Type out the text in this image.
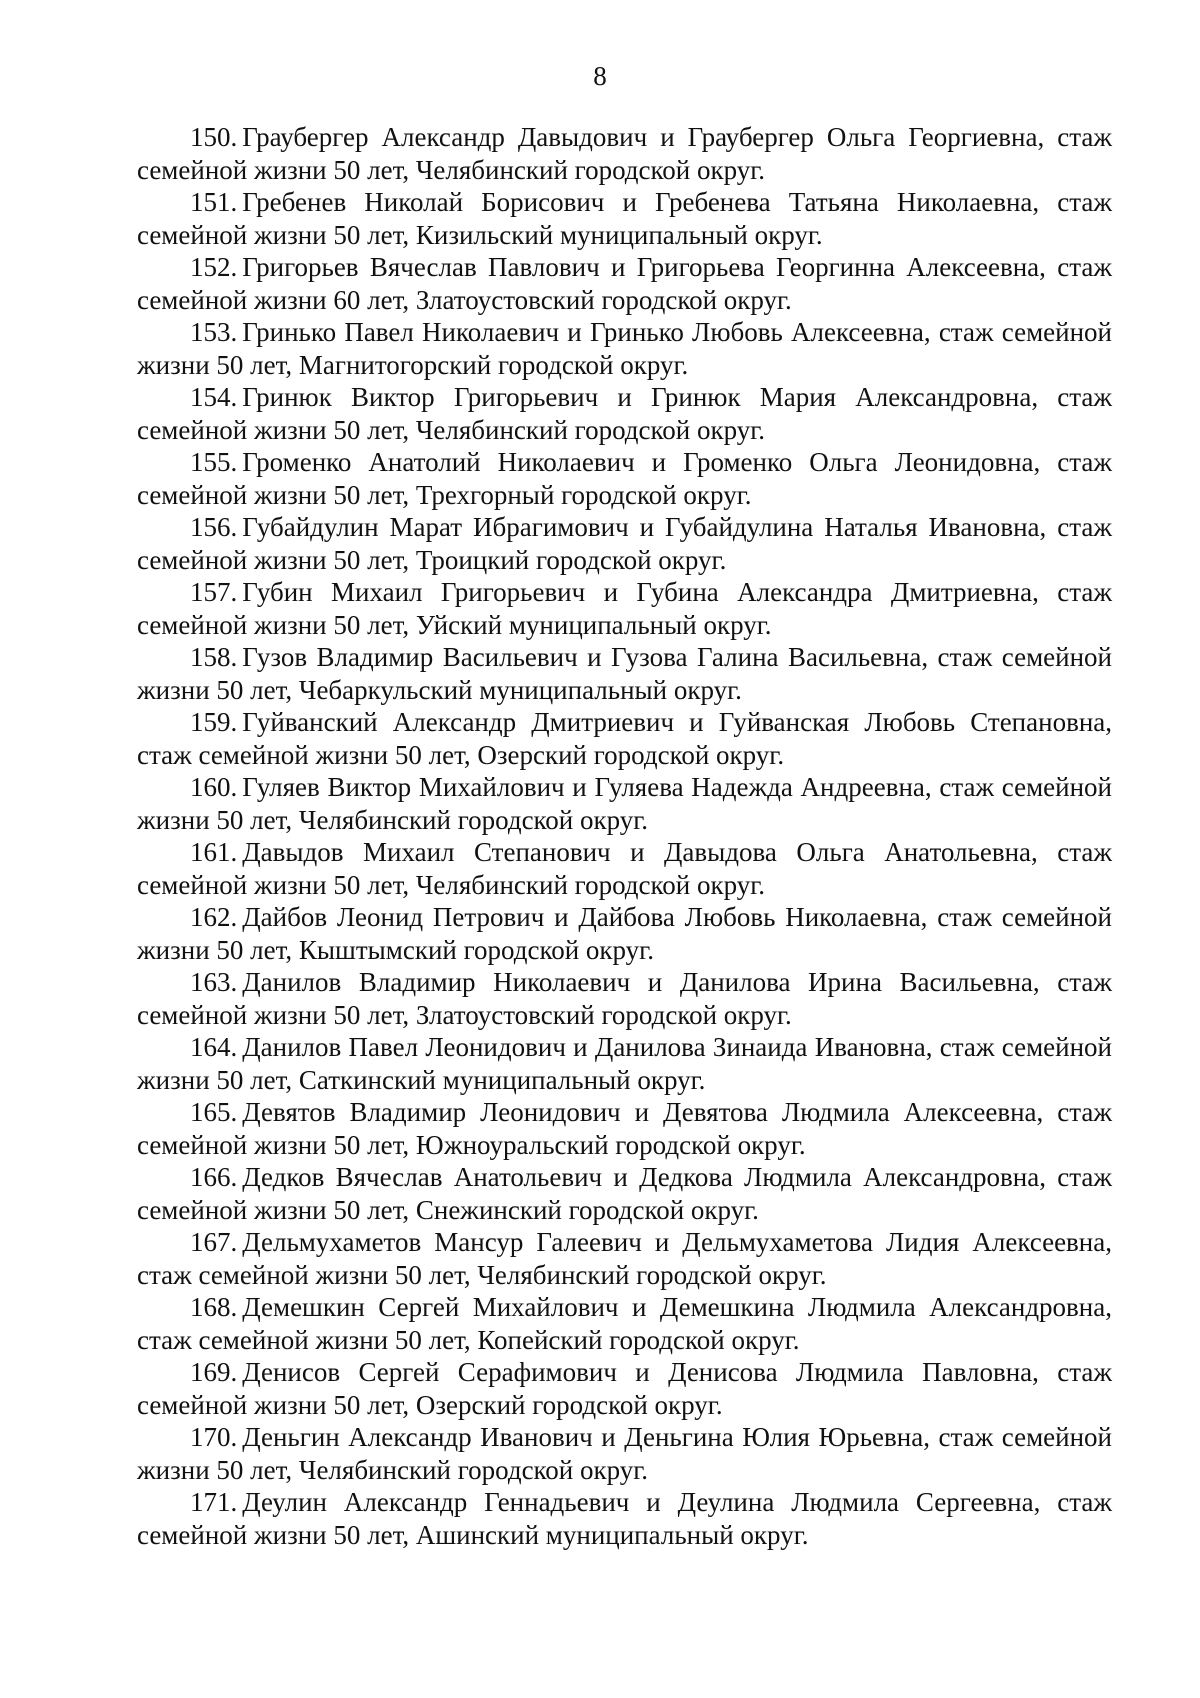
8

150. Граубергер Александр Давыдович и Граубергер Ольга Георгиевна, стаж семейной жизни 50 лет, Челябинский городской округ.

151. Гребенев Николай Борисович и Гребенева Татьяна Николаевна, стаж семейной жизни 50 лет, Кизильский муниципальный округ.

152. Григорьев Вячеслав Павлович и Григорьева Георгинна Алексеевна, стаж семейной жизни 60 лет, Златоустовский городской округ.

153. Гринько Павел Николаевич и Гринько Любовь Алексеевна, стаж семейной жизни 50 лет, Магнитогорский городской округ.

154. Гринюк Виктор Григорьевич и Гринюк Мария Александровна, стаж семейной жизни 50 лет, Челябинский городской округ.

155. Громенко Анатолий Николаевич и Громенко Ольга Леонидовна, стаж семейной жизни 50 лет, Трехгорный городской округ.

156. Губайдулин Марат Ибрагимович и Губайдулина Наталья Ивановна, стаж семейной жизни 50 лет, Троицкий городской округ.

157. Губин Михаил Григорьевич и Губина Александра Дмитриевна, стаж семейной жизни 50 лет, Уйский муниципальный округ.

158. Гузов Владимир Васильевич и Гузова Галина Васильевна, стаж семейной жизни 50 лет, Чебаркульский муниципальный округ.

159. Гуйванский Александр Дмитриевич и Гуйванская Любовь Степановна, стаж семейной жизни 50 лет, Озерский городской округ.

160. Гуляев Виктор Михайлович и Гуляева Надежда Андреевна, стаж семейной жизни 50 лет, Челябинский городской округ.

161. Давыдов Михаил Степанович и Давыдова Ольга Анатольевна, стаж семейной жизни 50 лет, Челябинский городской округ.

162. Дайбов Леонид Петрович и Дайбова Любовь Николаевна, стаж семейной жизни 50 лет, Кыштымский городской округ.

163. Данилов Владимир Николаевич и Данилова Ирина Васильевна, стаж семейной жизни 50 лет, Златоустовский городской округ.

164. Данилов Павел Леонидович и Данилова Зинаида Ивановна, стаж семейной жизни 50 лет, Саткинский муниципальный округ.

165. Девятов Владимир Леонидович и Девятова Людмила Алексеевна, стаж семейной жизни 50 лет, Южноуральский городской округ.

166. Дедков Вячеслав Анатольевич и Дедкова Людмила Александровна, стаж семейной жизни 50 лет, Снежинский городской округ.

167. Дельмухаметов Мансур Галеевич и Дельмухаметова Лидия Алексеевна, стаж семейной жизни 50 лет, Челябинский городской округ.

168. Демешкин Сергей Михайлович и Демешкина Людмила Александровна, стаж семейной жизни 50 лет, Копейский городской округ.

169. Денисов Сергей Серафимович и Денисова Людмила Павловна, стаж семейной жизни 50 лет, Озерский городской округ.

170. Деньгин Александр Иванович и Деньгина Юлия Юрьевна, стаж семейной жизни 50 лет, Челябинский городской округ.

171. Деулин Александр Геннадьевич и Деулина Людмила Сергеевна, стаж семейной жизни 50 лет, Ашинский муниципальный округ.
